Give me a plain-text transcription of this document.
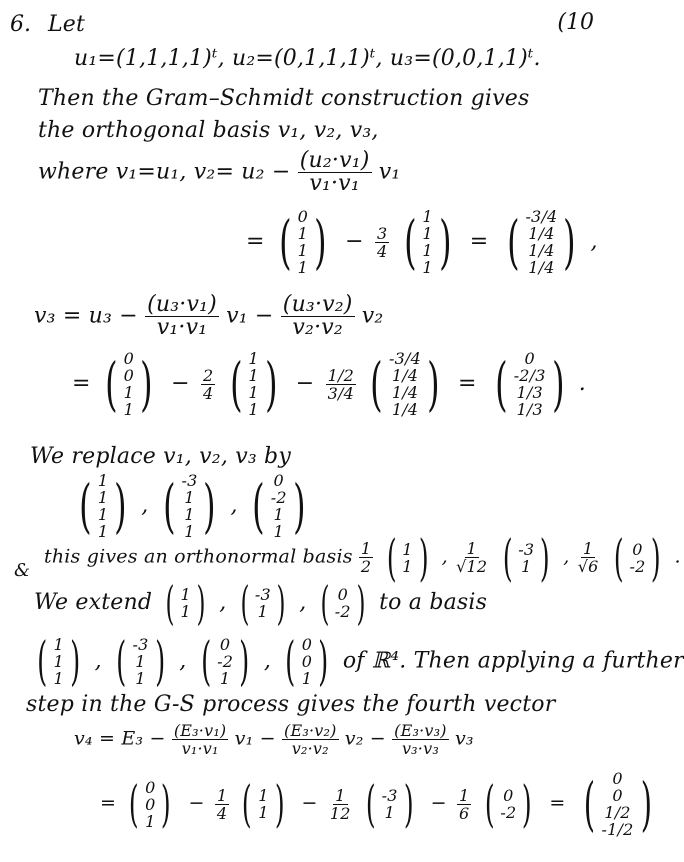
6.	(10
Let
u₁=(1,1,1,1)ᵗ, u₂=(0,1,1,1)ᵗ, u₃=(0,0,1,1)ᵗ.
Then the Gram–Schmidt construction gives
the orthogonal basis v₁, v₂, v₃,
where v₁=u₁, $v_2= u_2 - \frac{\text{(u₂·v₁)}}{\text{v₁·v₁}} v_1$
= ( 0
1
1
1 ) − $\frac{3}{4}$
( 1
1
1
1 ) = ( -3/4
1/4
1/4
1/4 ) ,
$v_3 = u_3 - \frac{\text{(u₃·v₁)}}{\text{v₁·v₁}} v_1 - \frac{\text{(u₃·v₂)}}{\text{v₂·v₂}} v_2$
= ( 0
0
1
1 ) − $\frac{2}{4}$
( 1
1
1
1 ) − $\frac{1/2}{3/4}$
( -3/4
1/4
1/4
1/4 ) = ( 0
-2/3
1/3
1/3 ) .
We replace v₁, v₂, v₃ by
( 1
1
1
1 ) , ( -3
1
1
1 ) , ( 0
-2
1
1 )
&
this gives an orthonormal basis $\frac{1}{2}$
( 1
1 ) , $\frac{1}{√12}$
( -3
1 ) , $\frac{1}{√6}$
( 0
-2 ) .
We extend ( 1
1 ) , ( -3
1 ) , ( 0
-2 ) to a basis
( 1
1
1 ) , ( -3
1
1 ) , ( 0
-2
1 ) , ( 0
0
1 ) of ℝ⁴. Then applying a further
step in the G-S process gives the fourth vector
$v_4 = E_3 - \frac{\text{(E₃·v₁)}}{\text{v₁·v₁}} v_1 - \frac{\text{(E₃·v₂)}}{\text{v₂·v₂}} v_2 - \frac{\text{(E₃·v₃)}}{\text{v₃·v₃}} v_3$
= ( 0
0
1 ) − $\frac{1}{4}$
( 1
1 ) − $\frac{1}{12}$
( -3
1 ) − $\frac{1}{6}$
( 0
-2 ) = ( 0
0
1/2
-1/2 )
